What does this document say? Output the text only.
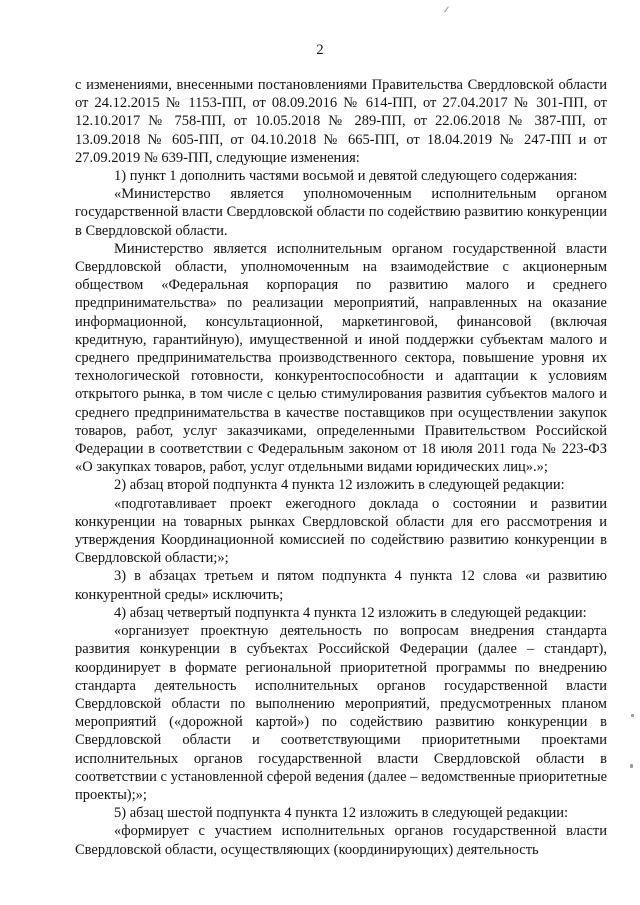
2

с изменениями, внесенными постановлениями Правительства Свердловской области от 24.12.2015 № 1153-ПП, от 08.09.2016 № 614-ПП, от 27.04.2017 № 301-ПП, от 12.10.2017 № 758-ПП, от 10.05.2018 № 289-ПП, от 22.06.2018 № 387-ПП, от 13.09.2018 № 605-ПП, от 04.10.2018 № 665-ПП, от 18.04.2019 № 247-ПП и от 27.09.2019 № 639-ПП, следующие изменения:

1) пункт 1 дополнить частями восьмой и девятой следующего содержания:

«Министерство является уполномоченным исполнительным органом государственной власти Свердловской области по содействию развитию конкуренции в Свердловской области.

Министерство является исполнительным органом государственной власти Свердловской области, уполномоченным на взаимодействие с акционерным обществом «Федеральная корпорация по развитию малого и среднего предпринимательства» по реализации мероприятий, направленных на оказание информационной, консультационной, маркетинговой, финансовой (включая кредитную, гарантийную), имущественной и иной поддержки субъектам малого и среднего предпринимательства производственного сектора, повышение уровня их технологической готовности, конкурентоспособности и адаптации к условиям открытого рынка, в том числе с целью стимулирования развития субъектов малого и среднего предпринимательства в качестве поставщиков при осуществлении закупок товаров, работ, услуг заказчиками, определенными Правительством Российской Федерации в соответствии с Федеральным законом от 18 июля 2011 года № 223-ФЗ «О закупках товаров, работ, услуг отдельными видами юридических лиц».»;

2) абзац второй подпункта 4 пункта 12 изложить в следующей редакции:

«подготавливает проект ежегодного доклада о состоянии и развитии конкуренции на товарных рынках Свердловской области для его рассмотрения и утверждения Координационной комиссией по содействию развитию конкуренции в Свердловской области;»;

3) в абзацах третьем и пятом подпункта 4 пункта 12 слова «и развитию конкурентной среды» исключить;

4) абзац четвертый подпункта 4 пункта 12 изложить в следующей редакции:

«организует проектную деятельность по вопросам внедрения стандарта развития конкуренции в субъектах Российской Федерации (далее – стандарт), координирует в формате региональной приоритетной программы по внедрению стандарта деятельность исполнительных органов государственной власти Свердловской области по выполнению мероприятий, предусмотренных планом мероприятий («дорожной картой») по содействию развитию конкуренции в Свердловской области и соответствующими приоритетными проектами исполнительных органов государственной власти Свердловской области в соответствии с установленной сферой ведения (далее – ведомственные приоритетные проекты);»;

5) абзац шестой подпункта 4 пункта 12 изложить в следующей редакции:

«формирует с участием исполнительных органов государственной власти Свердловской области, осуществляющих (координирующих) деятельность
